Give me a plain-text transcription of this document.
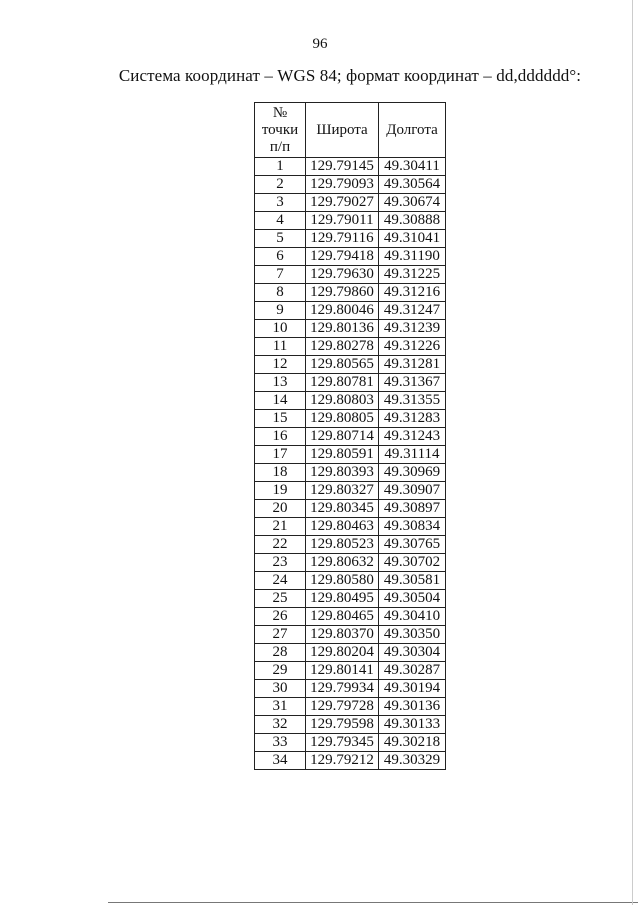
96
Система координат – WGS 84; формат координат – dd,dddddd°:
№
точки
п/п	Широта	Долгота
1	129.79145	49.30411
2	129.79093	49.30564
3	129.79027	49.30674
4	129.79011	49.30888
5	129.79116	49.31041
6	129.79418	49.31190
7	129.79630	49.31225
8	129.79860	49.31216
9	129.80046	49.31247
10	129.80136	49.31239
11	129.80278	49.31226
12	129.80565	49.31281
13	129.80781	49.31367
14	129.80803	49.31355
15	129.80805	49.31283
16	129.80714	49.31243
17	129.80591	49.31114
18	129.80393	49.30969
19	129.80327	49.30907
20	129.80345	49.30897
21	129.80463	49.30834
22	129.80523	49.30765
23	129.80632	49.30702
24	129.80580	49.30581
25	129.80495	49.30504
26	129.80465	49.30410
27	129.80370	49.30350
28	129.80204	49.30304
29	129.80141	49.30287
30	129.79934	49.30194
31	129.79728	49.30136
32	129.79598	49.30133
33	129.79345	49.30218
34	129.79212	49.30329
